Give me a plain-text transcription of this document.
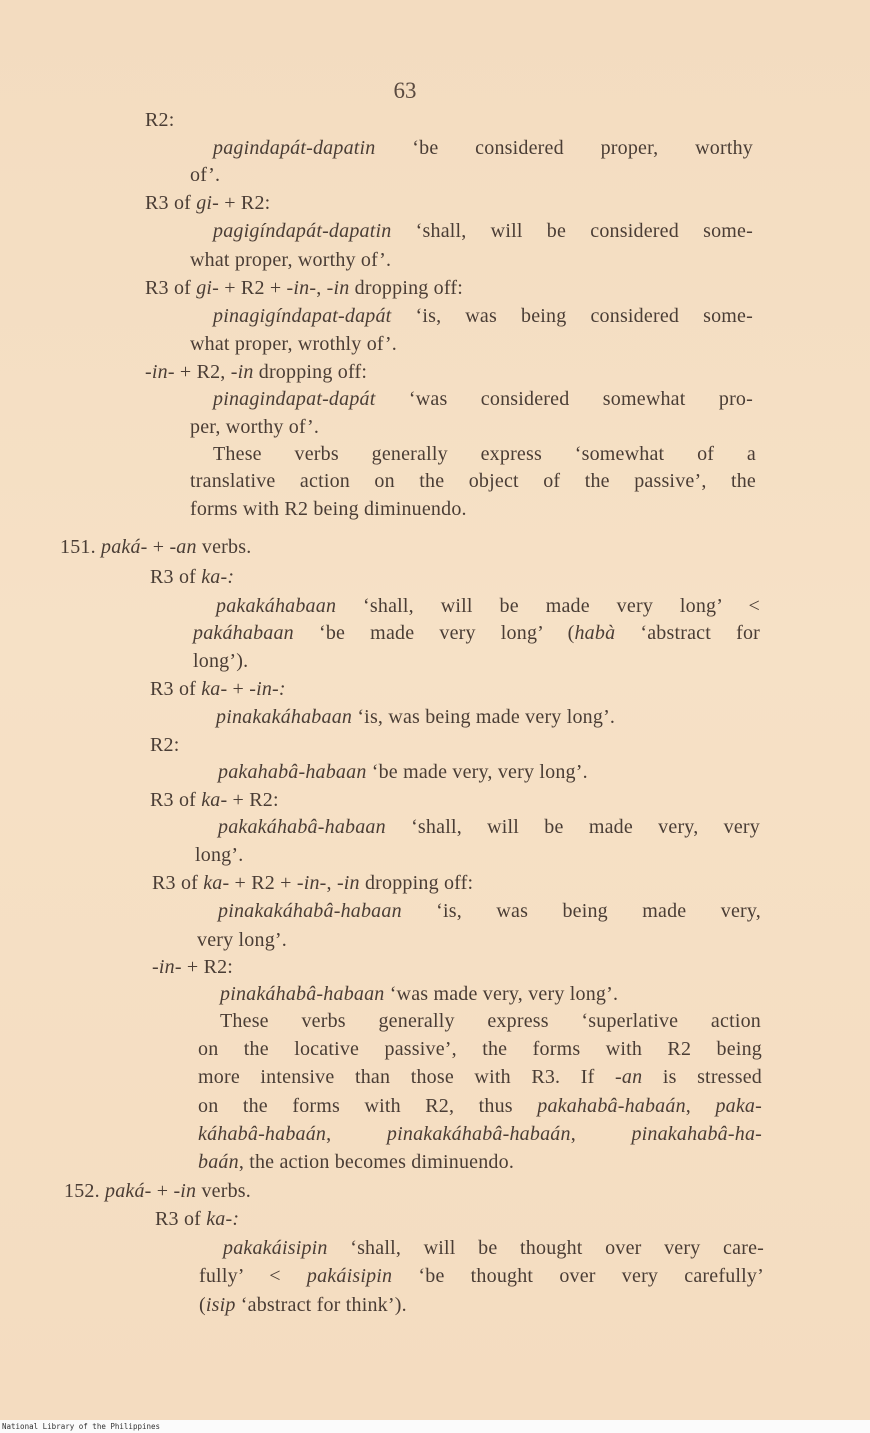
63
R2:
pagindapát-dapatin ‘be considered proper, worthy
of’.
R3 of gi- + R2:
pagigíndapát-dapatin ‘shall, will be considered some-
what proper, worthy of’.
R3 of gi- + R2 + -in-, -in dropping off:
pinagigíndapat-dapát ‘is, was being considered some-
what proper, wrothly of’.
-in- + R2, -in dropping off:
pinagindapat-dapát ‘was considered somewhat pro-
per, worthy of’.
These verbs generally express ‘somewhat of a
translative action on the object of the passive’, the
forms with R2 being diminuendo.
151. paká- + -an verbs.
R3 of ka-:
pakakáhabaan ‘shall, will be made very long’ <
pakáhabaan ‘be made very long’ (habà ‘abstract for
long’).
R3 of ka- + -in-:
pinakakáhabaan ‘is, was being made very long’.
R2:
pakahabâ-habaan ‘be made very, very long’.
R3 of ka- + R2:
pakakáhabâ-habaan ‘shall, will be made very, very
long’.
R3 of ka- + R2 + -in-, -in dropping off:
pinakakáhabâ-habaan ‘is, was being made very,
very long’.
-in- + R2:
pinakáhabâ-habaan ‘was made very, very long’.
These verbs generally express ‘superlative action
on the locative passive’, the forms with R2 being
more intensive than those with R3. If -an is stressed
on the forms with R2, thus pakahabâ-habaán, paka-
káhabâ-habaán, pinakakáhabâ-habaán, pinakahabâ-ha-
baán, the action becomes diminuendo.
152. paká- + -in verbs.
R3 of ka-:
pakakáisipin ‘shall, will be thought over very care-
fully’ < pakáisipin ‘be thought over very carefully’
(isip ‘abstract for think’).
National Library of the Philippines
